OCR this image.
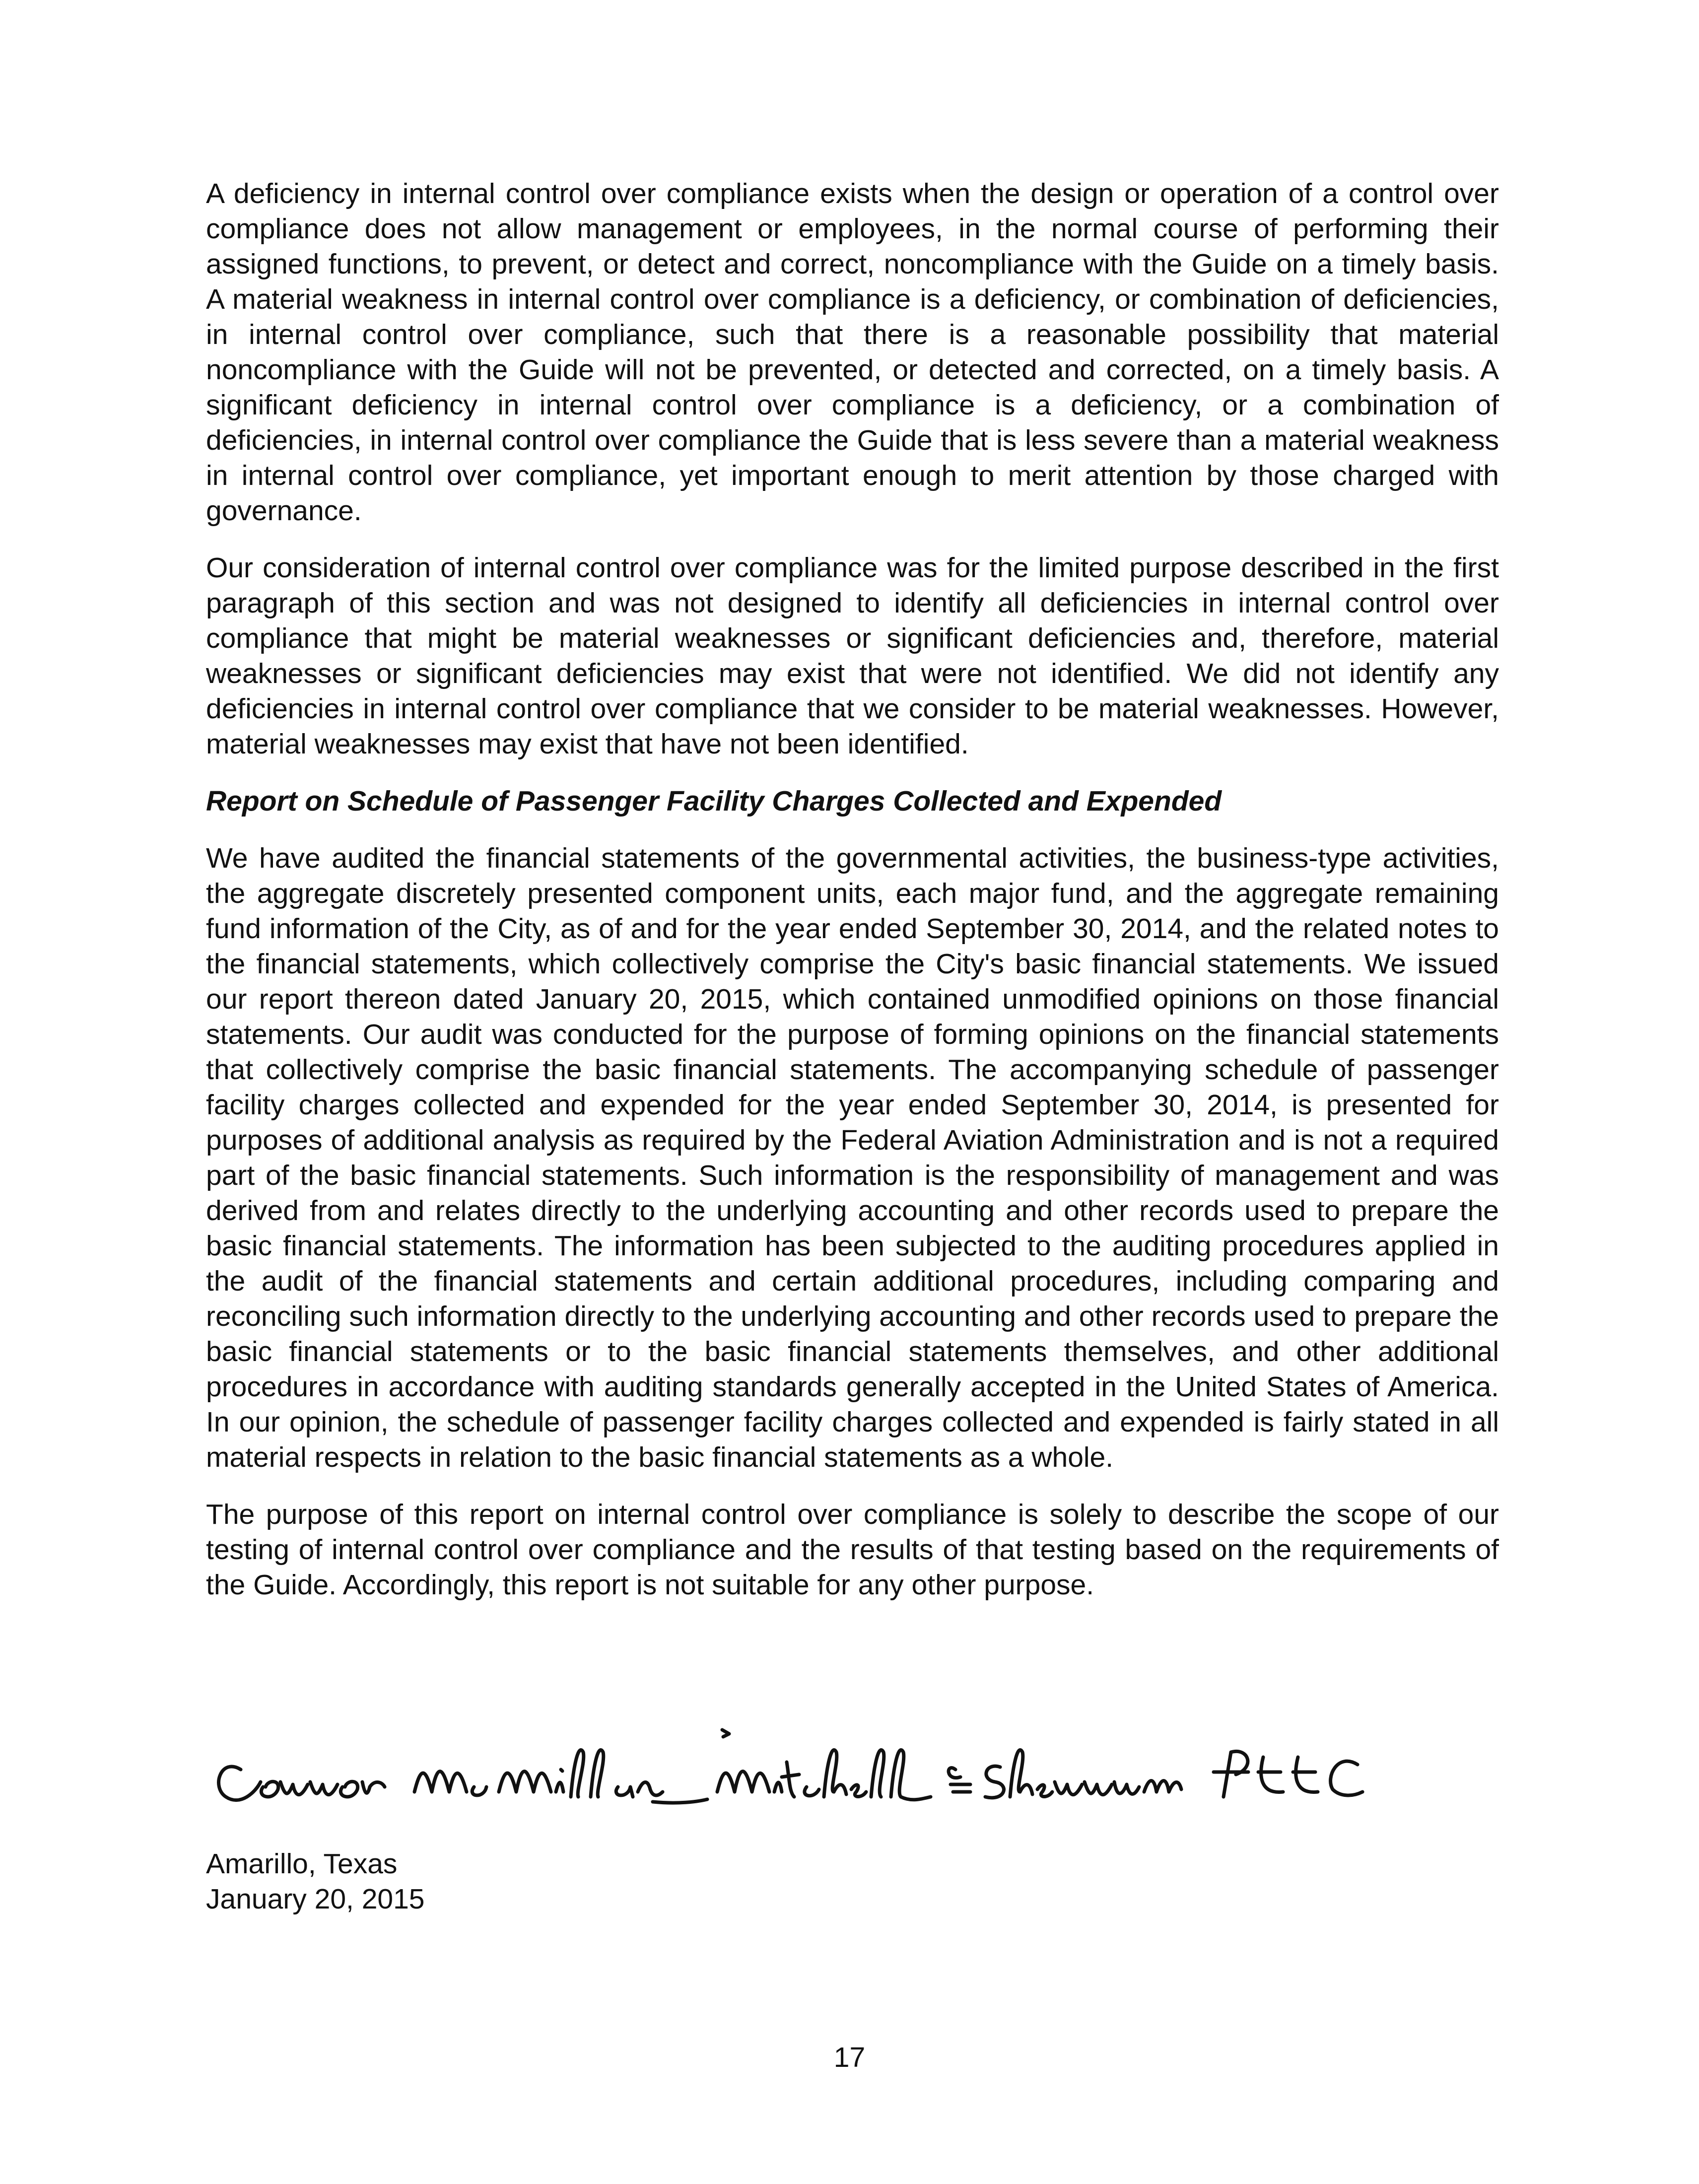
A deficiency in internal control over compliance exists when the design or operation of a control over compliance does not allow management or employees, in the normal course of performing their assigned functions, to prevent, or detect and correct, noncompliance with the Guide on a timely basis. A material weakness in internal control over compliance is a deficiency, or combination of deficiencies, in internal control over compliance, such that there is a reasonable possibility that material noncompliance with the Guide will not be prevented, or detected and corrected, on a timely basis. A significant deficiency in internal control over compliance is a deficiency, or a combination of deficiencies, in internal control over compliance the Guide that is less severe than a material weakness in internal control over compliance, yet important enough to merit attention by those charged with governance.

Our consideration of internal control over compliance was for the limited purpose described in the first paragraph of this section and was not designed to identify all deficiencies in internal control over compliance that might be material weaknesses or significant deficiencies and, therefore, material weaknesses or significant deficiencies may exist that were not identified. We did not identify any deficiencies in internal control over compliance that we consider to be material weaknesses. However, material weaknesses may exist that have not been identified.

Report on Schedule of Passenger Facility Charges Collected and Expended

We have audited the financial statements of the governmental activities, the business-type activities, the aggregate discretely presented component units, each major fund, and the aggregate remaining fund information of the City, as of and for the year ended September 30, 2014, and the related notes to the financial statements, which collectively comprise the City's basic financial statements. We issued our report thereon dated January 20, 2015, which contained unmodified opinions on those financial statements. Our audit was conducted for the purpose of forming opinions on the financial statements that collectively comprise the basic financial statements. The accompanying schedule of passenger facility charges collected and expended for the year ended September 30, 2014, is presented for purposes of additional analysis as required by the Federal Aviation Administration and is not a required part of the basic financial statements. Such information is the responsibility of management and was derived from and relates directly to the underlying accounting and other records used to prepare the basic financial statements. The information has been subjected to the auditing procedures applied in the audit of the financial statements and certain additional procedures, including comparing and reconciling such information directly to the underlying accounting and other records used to prepare the basic financial statements or to the basic financial statements themselves, and other additional procedures in accordance with auditing standards generally accepted in the United States of America. In our opinion, the schedule of passenger facility charges collected and expended is fairly stated in all material respects in relation to the basic financial statements as a whole.

The purpose of this report on internal control over compliance is solely to describe the scope of our testing of internal control over compliance and the results of that testing based on the requirements of the Guide. Accordingly, this report is not suitable for any other purpose.

Amarillo, Texas
January 20, 2015
17
